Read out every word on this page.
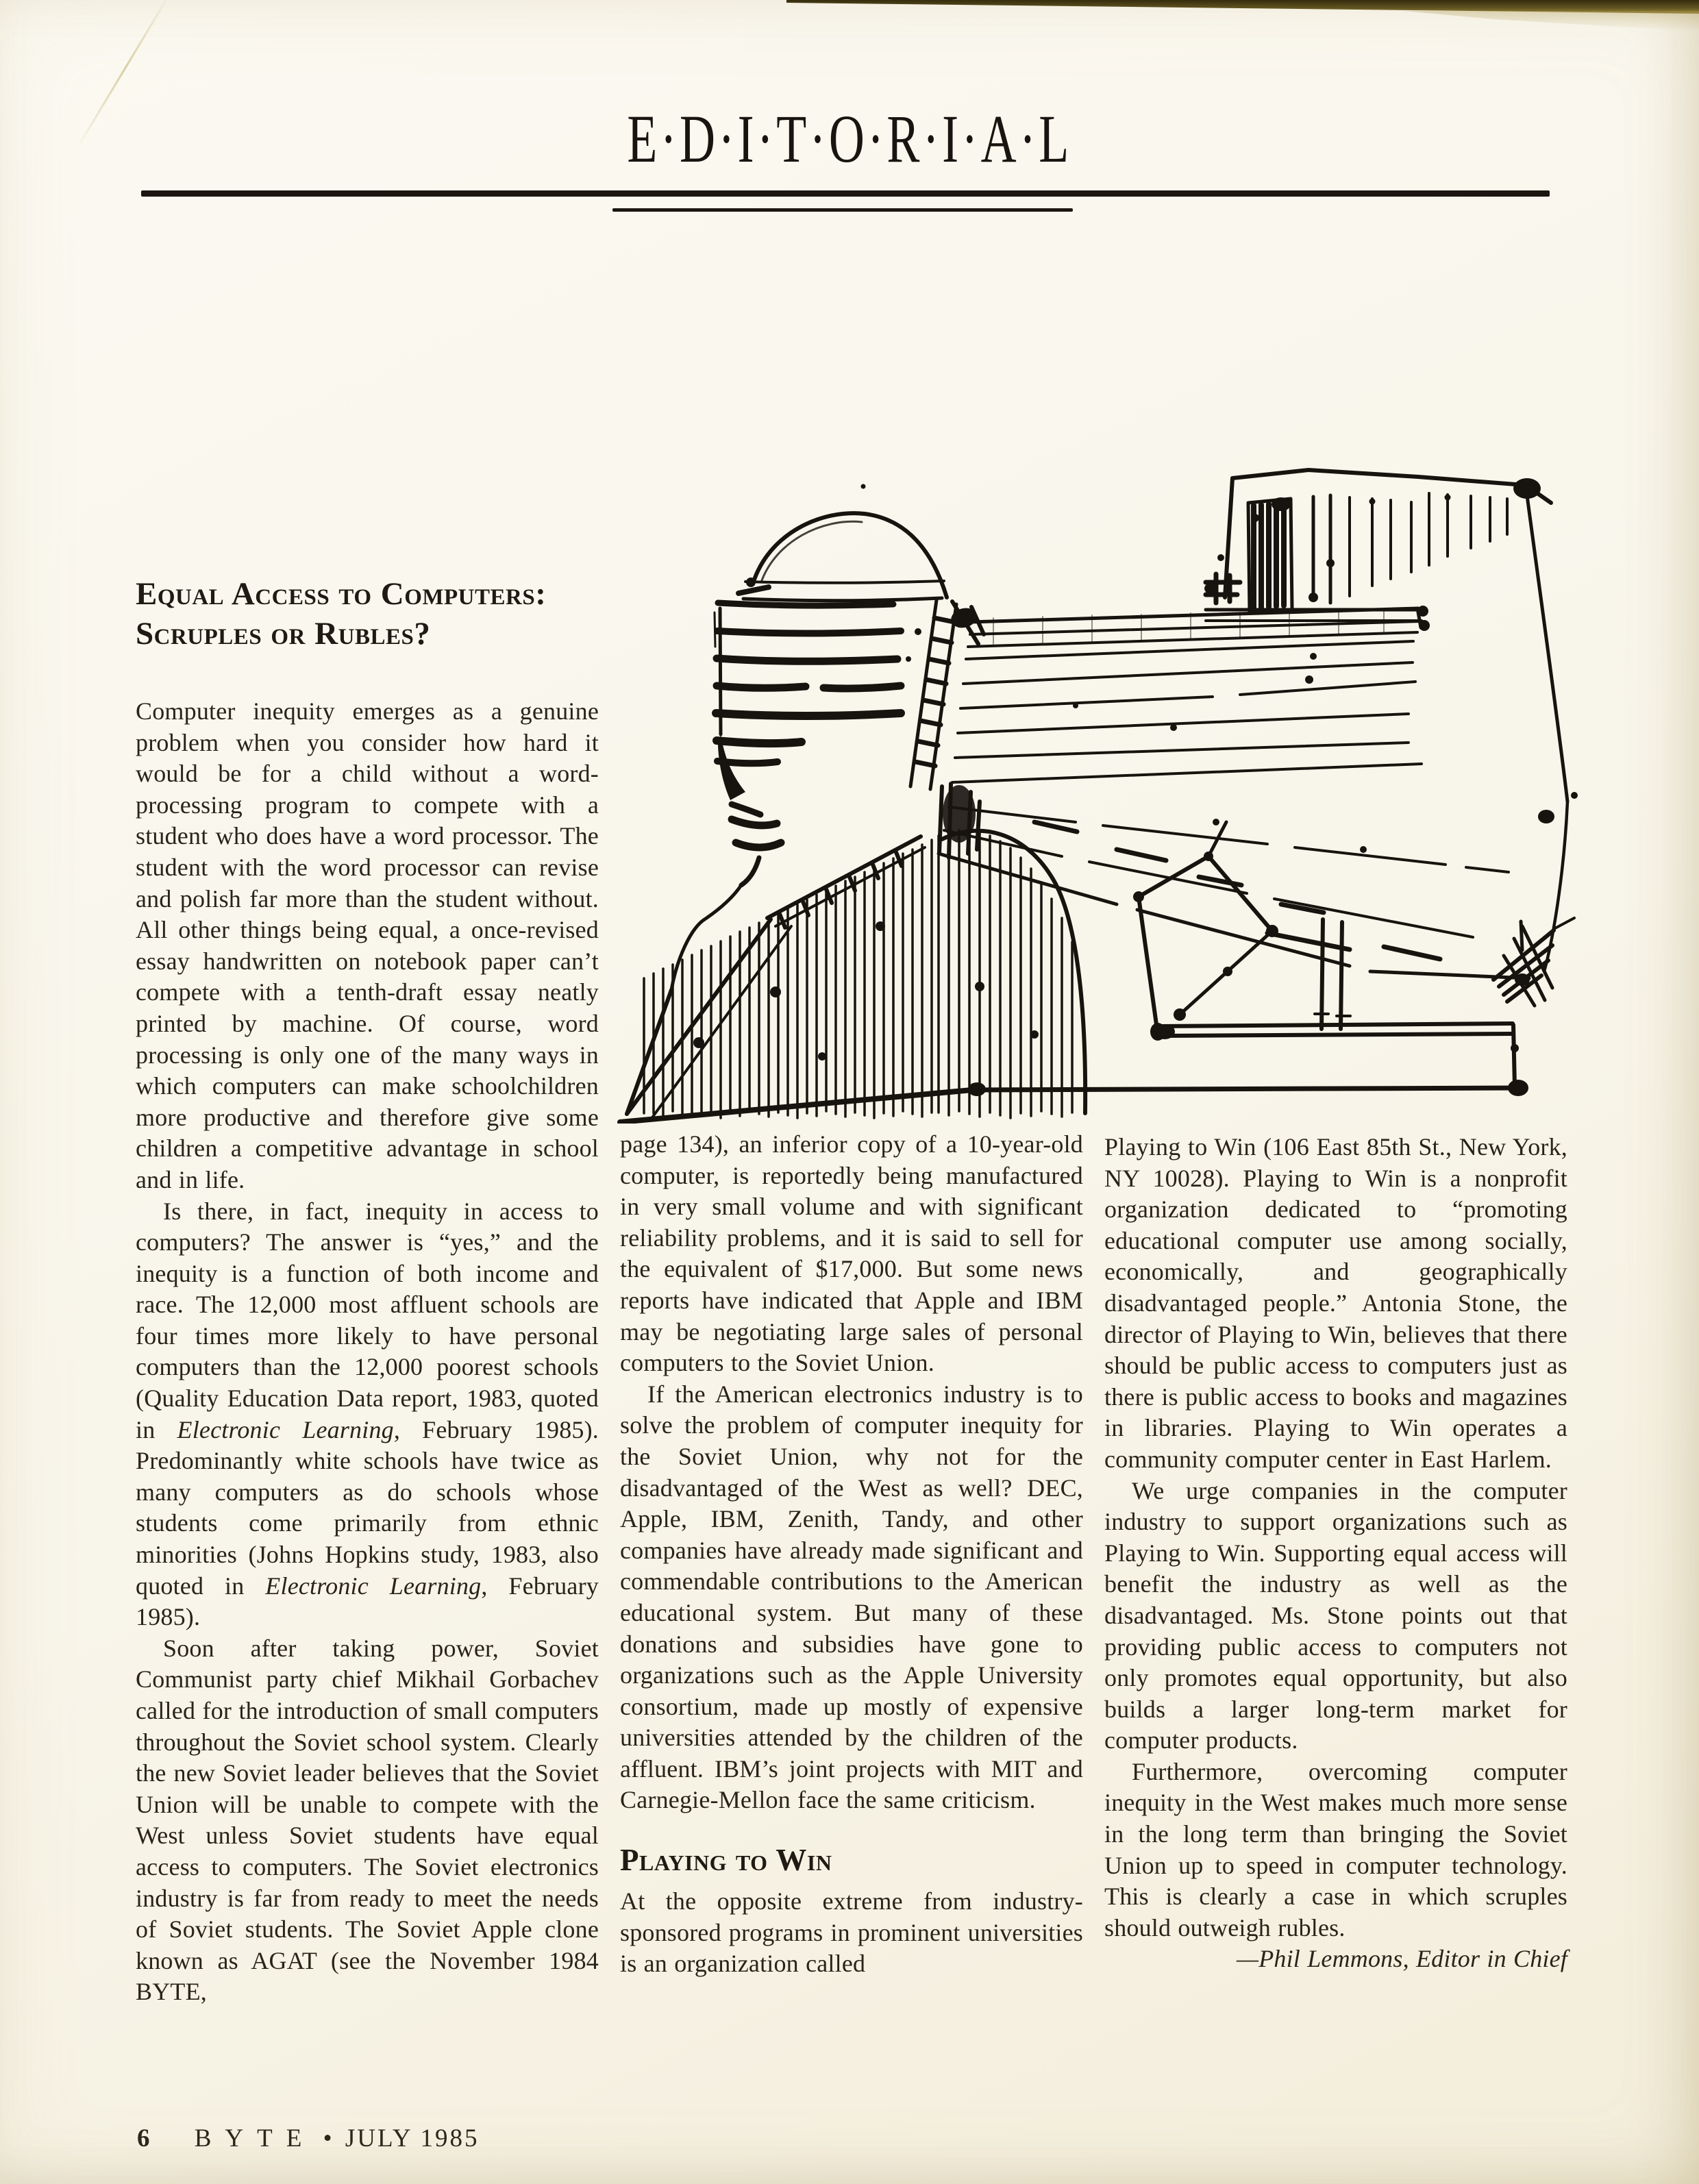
E·D·I·T·O·R·I·A·L
Equal Access to Computers:
Scruples or Rubles?

Computer inequity emerges as a genuine problem when you consider how hard it would be for a child without a word-processing program to compete with a student who does have a word processor. The student with the word processor can revise and polish far more than the student without. All other things being equal, a once-revised essay handwritten on notebook paper can’t compete with a tenth-draft essay neatly printed by machine. Of course, word processing is only one of the many ways in which computers can make schoolchildren more productive and therefore give some children a competitive advantage in school and in life.

Is there, in fact, inequity in access to computers? The answer is “yes,” and the inequity is a function of both income and race. The 12,000 most affluent schools are four times more likely to have personal computers than the 12,000 poorest schools (Quality Education Data report, 1983, quoted in Electronic Learning, February 1985). Predominantly white schools have twice as many computers as do schools whose students come primarily from ethnic minorities (Johns Hopkins study, 1983, also quoted in Electronic Learning, February 1985).

Soon after taking power, Soviet Communist party chief Mikhail Gorbachev called for the introduction of small computers throughout the Soviet school system. Clearly the new Soviet leader believes that the Soviet Union will be unable to compete with the West unless Soviet students have equal access to computers. The Soviet electronics industry is far from ready to meet the needs of Soviet students. The Soviet Apple clone known as AGAT (see the November 1984 BYTE,

page 134), an inferior copy of a 10-year-old computer, is reportedly being manufactured in very small volume and with significant reliability problems, and it is said to sell for the equivalent of $17,000. But some news reports have indicated that Apple and IBM may be negotiating large sales of personal computers to the Soviet Union.

If the American electronics industry is to solve the problem of computer inequity for the Soviet Union, why not for the disadvantaged of the West as well? DEC, Apple, IBM, Zenith, Tandy, and other companies have already made significant and commendable contributions to the American educational system. But many of these donations and subsidies have gone to organizations such as the Apple University consortium, made up mostly of expensive universities attended by the children of the affluent. IBM’s joint projects with MIT and Carnegie-Mellon face the same criticism.

Playing to Win

At the opposite extreme from industry-sponsored programs in prominent universities is an organization called

Playing to Win (106 East 85th St., New York, NY 10028). Playing to Win is a nonprofit organization dedicated to “promoting educational computer use among socially, economically, and geographically disadvantaged people.” Antonia Stone, the director of Playing to Win, believes that there should be public access to computers just as there is public access to books and magazines in libraries. Playing to Win operates a community computer center in East Harlem.

We urge companies in the computer industry to support organizations such as Playing to Win. Supporting equal access will benefit the industry as well as the disadvantaged. Ms. Stone points out that providing public access to computers not only promotes equal opportunity, but also builds a larger long-term market for computer products.

Furthermore, overcoming computer inequity in the West makes much more sense in the long term than bringing the Soviet Union up to speed in computer technology. This is clearly a case in which scruples should outweigh rubles.

—Phil Lemmons, Editor in Chief

6 BYTE • JULY 1985
